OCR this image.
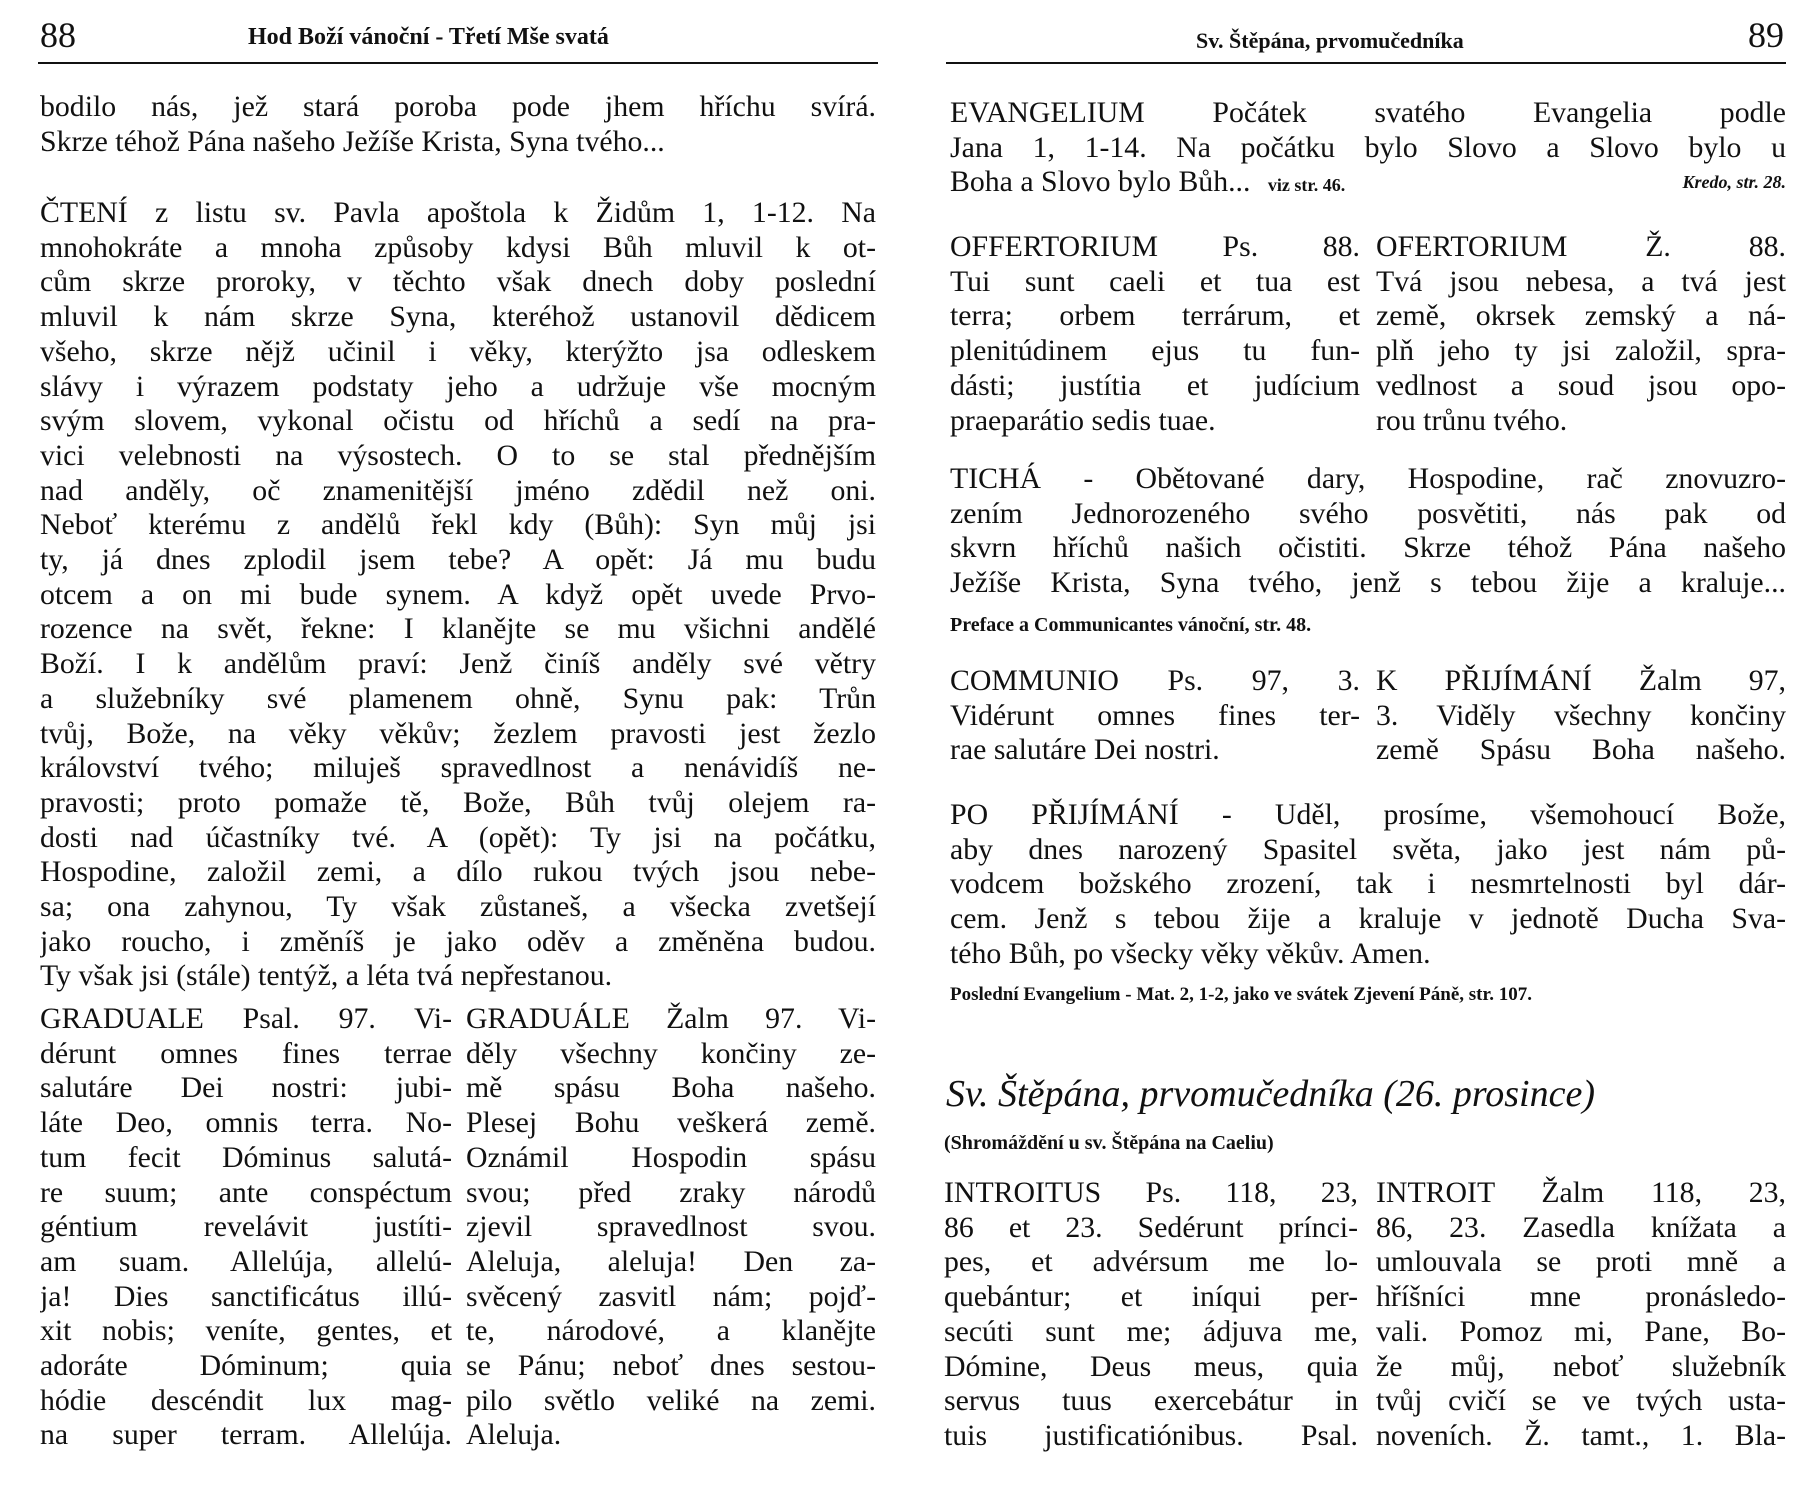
88	Hod Boží vánoční - Třetí Mše svatá
bodilo nás, jež stará poroba pode jhem hříchu svírá.
Skrze téhož Pána našeho Ježíše Krista, Syna tvého...
ČTENÍ z listu sv. Pavla apoštola k Židům 1, 1-12. Na
mnohokráte a mnoha způsoby kdysi Bůh mluvil k ot-
cům skrze proroky, v těchto však dnech doby poslední
mluvil k nám skrze Syna, kteréhož ustanovil dědicem
všeho, skrze nějž učinil i věky, kterýžto jsa odleskem
slávy i výrazem podstaty jeho a udržuje vše mocným
svým slovem, vykonal očistu od hříchů a sedí na pra-
vici velebnosti na výsostech. O to se stal přednějším
nad anděly, oč znamenitější jméno zdědil než oni.
Neboť kterému z andělů řekl kdy (Bůh): Syn můj jsi
ty, já dnes zplodil jsem tebe? A opět: Já mu budu
otcem a on mi bude synem. A když opět uvede Prvo-
rozence na svět, řekne: I klanějte se mu všichni andělé
Boží. I k andělům praví: Jenž činíš anděly své větry
a služebníky své plamenem ohně, Synu pak: Trůn
tvůj, Bože, na věky věkův; žezlem pravosti jest žezlo
království tvého; miluješ spravedlnost a nenávidíš ne-
pravosti; proto pomaže tě, Bože, Bůh tvůj olejem ra-
dosti nad účastníky tvé. A (opět): Ty jsi na počátku,
Hospodine, založil zemi, a dílo rukou tvých jsou nebe-
sa; ona zahynou, Ty však zůstaneš, a všecka zvetšejí
jako roucho, i změníš je jako oděv a změněna budou.
Ty však jsi (stále) tentýž, a léta tvá nepřestanou.
GRADUALE Psal. 97. Vi-
dérunt omnes fines terrae
salutáre Dei nostri: jubi-
láte Deo, omnis terra. No-
tum fecit Dóminus salutá-
re suum; ante conspéctum
géntium revelávit justíti-
am suam. Allelúja, allelú-
ja! Dies sanctificátus illú-
xit nobis; veníte, gentes, et
adoráte Dóminum; quia
hódie descéndit lux mag-
na super terram. Allelúja.
GRADUÁLE Žalm 97. Vi-
děly všechny končiny ze-
mě spásu Boha našeho.
Plesej Bohu veškerá země.
Oznámil Hospodin spásu
svou; před zraky národů
zjevil spravedlnost svou.
Aleluja, aleluja! Den za-
svěcený zasvitl nám; pojď-
te, národové, a klanějte
se Pánu; neboť dnes sestou-
pilo světlo veliké na zemi.
Aleluja.
Sv. Štěpána, prvomučedníka	89
EVANGELIUM Počátek svatého Evangelia podle
Jana 1, 1-14. Na počátku bylo Slovo a Slovo bylo u
Boha a Slovo bylo Bůh... viz str. 46.	Kredo, str. 28.
OFFERTORIUM Ps. 88.
Tui sunt caeli et tua est
terra; orbem terrárum, et
plenitúdinem ejus tu fun-
dásti; justítia et judícium
praeparátio sedis tuae.
OFERTORIUM Ž. 88.
Tvá jsou nebesa, a tvá jest
země, okrsek zemský a ná-
plň jeho ty jsi založil, spra-
vedlnost a soud jsou opo-
rou trůnu tvého.
TICHÁ - Obětované dary, Hospodine, rač znovuzro-
zením Jednorozeného svého posvětiti, nás pak od
skvrn hříchů našich očistiti. Skrze téhož Pána našeho
Ježíše Krista, Syna tvého, jenž s tebou žije a kraluje...
Preface a Communicantes vánoční, str. 48.
COMMUNIO Ps. 97, 3.
Vidérunt omnes fines ter-
rae salutáre Dei nostri.
K PŘIJÍMÁNÍ Žalm 97,
3. Viděly všechny končiny
země Spásu Boha našeho.
PO PŘIJÍMÁNÍ - Uděl, prosíme, všemohoucí Bože,
aby dnes narozený Spasitel světa, jako jest nám pů-
vodcem božského zrození, tak i nesmrtelnosti byl dár-
cem. Jenž s tebou žije a kraluje v jednotě Ducha Sva-
tého Bůh, po všecky věky věkův. Amen.
Poslední Evangelium - Mat. 2, 1-2, jako ve svátek Zjevení Páně, str. 107.
Sv. Štěpána, prvomučedníka (26. prosince)
(Shromáždění u sv. Štěpána na Caeliu)
INTROITUS Ps. 118, 23,
86 et 23. Sedérunt prínci-
pes, et advérsum me lo-
quebántur; et iníqui per-
secúti sunt me; ádjuva me,
Dómine, Deus meus, quia
servus tuus exercebátur in
tuis justificatiónibus. Psal.
INTROIT Žalm 118, 23,
86, 23. Zasedla knížata a
umlouvala se proti mně a
hříšníci mne pronásledo-
vali. Pomoz mi, Pane, Bo-
že můj, neboť služebník
tvůj cvičí se ve tvých usta-
noveních. Ž. tamt., 1. Bla-
